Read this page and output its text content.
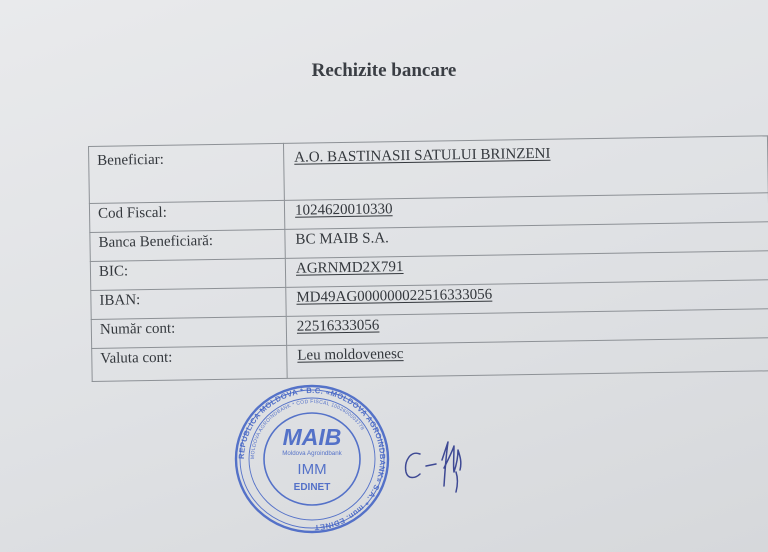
Rechizite bancare
Beneficiar:	A.O. BASTINASII SATULUI BRINZENI
Cod Fiscal:	1024620010330
Banca Beneficiară:	BC MAIB S.A.
BIC:	AGRNMD2X791
IBAN:	MD49AG000000022516333056
Număr cont:	22516333056
Valuta cont:	Leu moldovenesc
REPUBLICA MOLDOVA * B.C. «MOLDOVA AGROINDBANK» S.A. * mun. EDINET
MOLDOVA AGROINDBANK * COD FISCAL 1002600003778
MAIB
Moldova Agroindbank
IMM
EDINET
